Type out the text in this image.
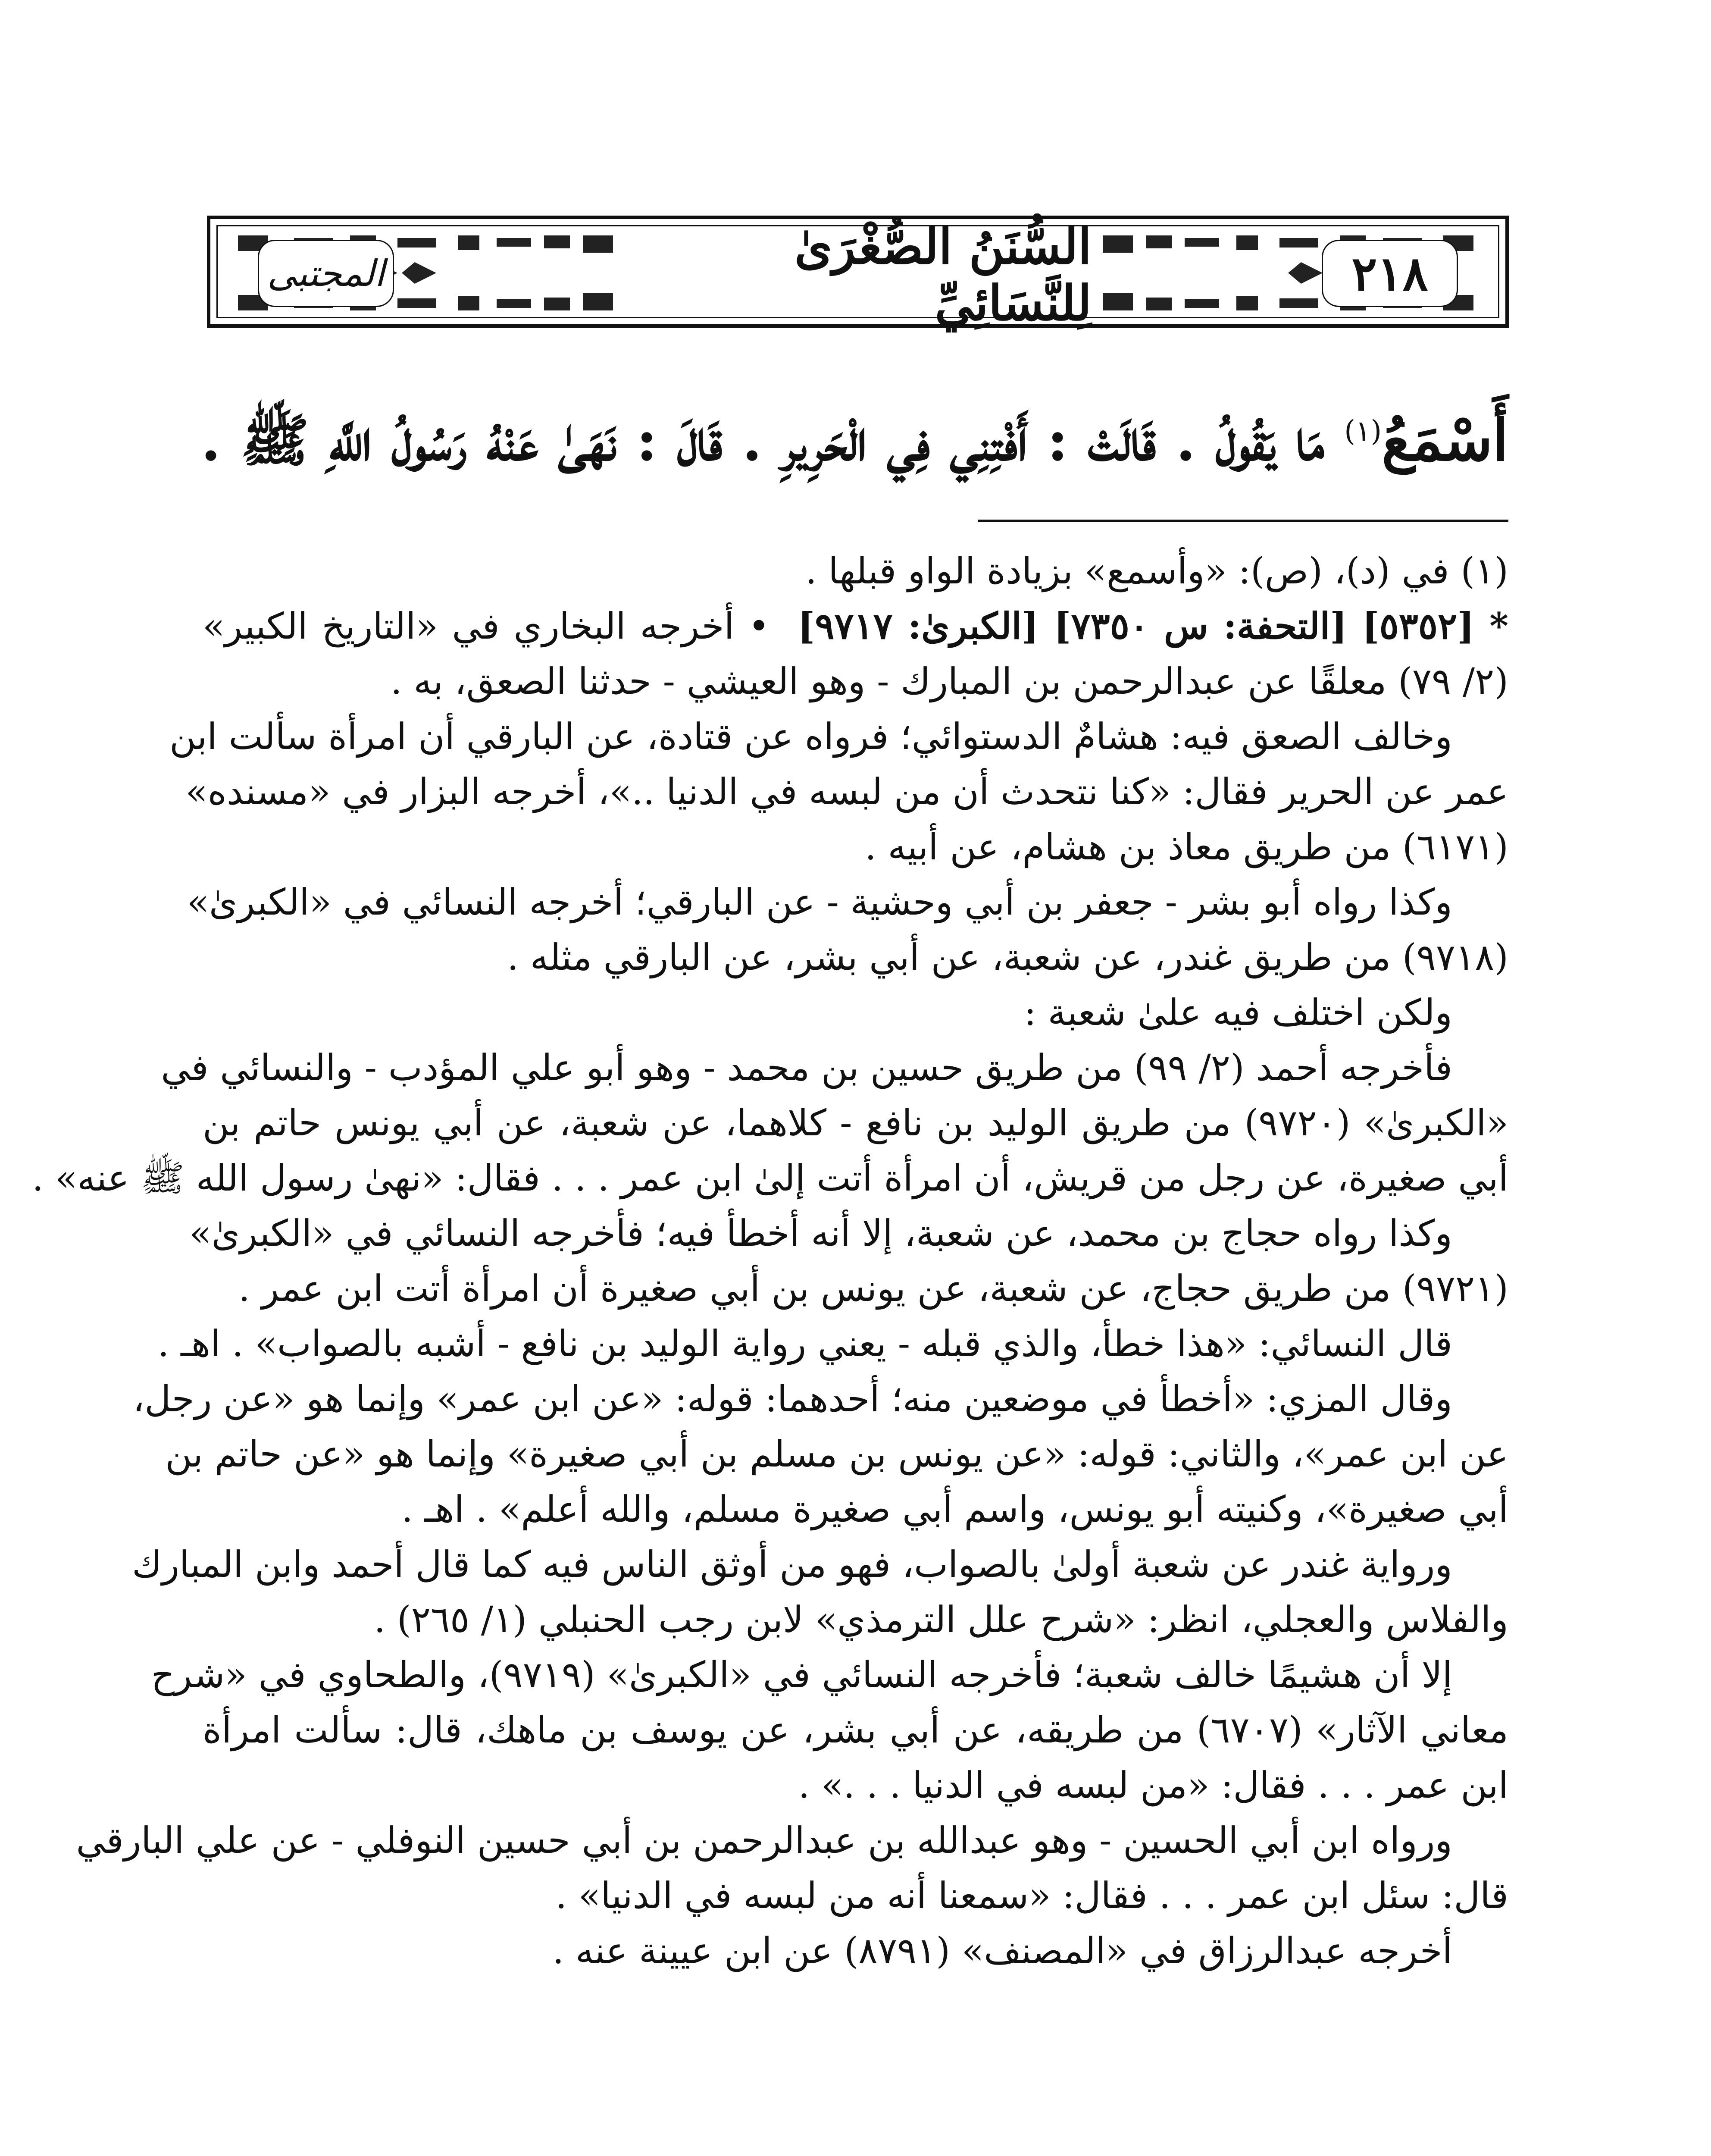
٢١٨
السُّنَنُ الصُّغْرَىٰ لِلنَّسَائِيِّ
المجتبى
أَسْمَعُ$^{(١)}$ مَا يَقُولُ . قَالَتْ : أَفْتِنِي فِي الْحَرِيرِ . قَالَ : نَهَىٰ عَنْهُ رَسُولُ اللَّهِ ﷺ .

(١) في (د)، (ص): «وأسمع» بزيادة الواو قبلها .

* [٥٣٥٢] [التحفة: س ٧٣٥٠] [الكبرىٰ: ٩٧١٧]  • أخرجه البخاري في «التاريخ الكبير»

(٢/ ٧٩) معلقًا عن عبدالرحمن بن المبارك - وهو العيشي - حدثنا الصعق، به .

وخالف الصعق فيه: هشامٌ الدستوائي؛ فرواه عن قتادة، عن البارقي أن امرأة سألت ابن

عمر عن الحرير فقال: «كنا نتحدث أن من لبسه في الدنيا ..»، أخرجه البزار في «مسنده»

(٦١٧١) من طريق معاذ بن هشام، عن أبيه .

وكذا رواه أبو بشر - جعفر بن أبي وحشية - عن البارقي؛ أخرجه النسائي في «الكبرىٰ»

(٩٧١٨) من طريق غندر، عن شعبة، عن أبي بشر، عن البارقي مثله .

ولكن اختلف فيه علىٰ شعبة :

فأخرجه أحمد (٢/ ٩٩) من طريق حسين بن محمد - وهو أبو علي المؤدب - والنسائي في

«الكبرىٰ» (٩٧٢٠) من طريق الوليد بن نافع - كلاهما، عن شعبة، عن أبي يونس حاتم بن

أبي صغيرة، عن رجل من قريش، أن امرأة أتت إلىٰ ابن عمر . . . فقال: «نهىٰ رسول الله ﷺ عنه» .

وكذا رواه حجاج بن محمد، عن شعبة، إلا أنه أخطأ فيه؛ فأخرجه النسائي في «الكبرىٰ»

(٩٧٢١) من طريق حجاج، عن شعبة، عن يونس بن أبي صغيرة أن امرأة أتت ابن عمر .

قال النسائي: «هذا خطأ، والذي قبله - يعني رواية الوليد بن نافع - أشبه بالصواب» . اهـ .

وقال المزي: «أخطأ في موضعين منه؛ أحدهما: قوله: «عن ابن عمر» وإنما هو «عن رجل،

عن ابن عمر»، والثاني: قوله: «عن يونس بن مسلم بن أبي صغيرة» وإنما هو «عن حاتم بن

أبي صغيرة»، وكنيته أبو يونس، واسم أبي صغيرة مسلم، والله أعلم» . اهـ .

ورواية غندر عن شعبة أولىٰ بالصواب، فهو من أوثق الناس فيه كما قال أحمد وابن المبارك

والفلاس والعجلي، انظر: «شرح علل الترمذي» لابن رجب الحنبلي (١/ ٢٦٥) .

إلا أن هشيمًا خالف شعبة؛ فأخرجه النسائي في «الكبرىٰ» (٩٧١٩)، والطحاوي في «شرح

معاني الآثار» (٦٧٠٧) من طريقه، عن أبي بشر، عن يوسف بن ماهك، قال: سألت امرأة

ابن عمر . . . فقال: «من لبسه في الدنيا . . .» .

ورواه ابن أبي الحسين - وهو عبدالله بن عبدالرحمن بن أبي حسين النوفلي - عن علي البارقي

قال: سئل ابن عمر . . . فقال: «سمعنا أنه من لبسه في الدنيا» .

أخرجه عبدالرزاق في «المصنف» (٨٧٩١) عن ابن عيينة عنه .
